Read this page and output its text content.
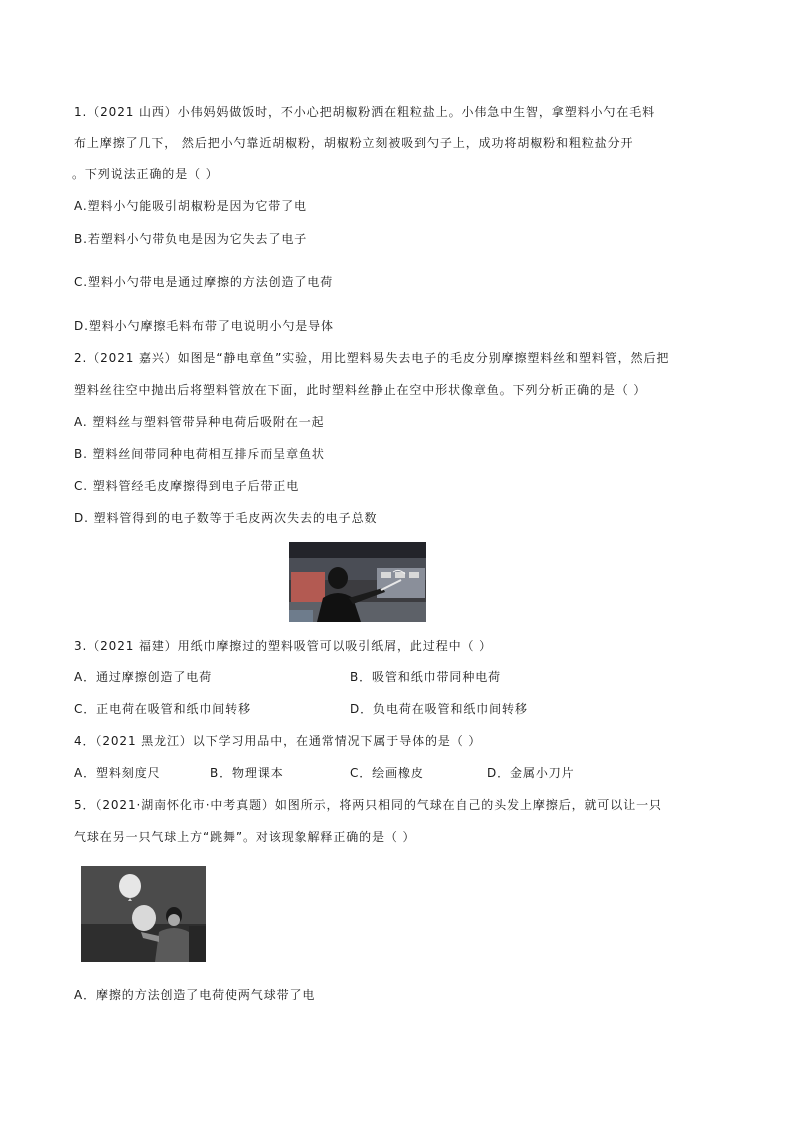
1.（2021 山西）小伟妈妈做饭时，不小心把胡椒粉洒在粗粒盐上。小伟急中生智，拿塑料小勺在毛料
布上摩擦了几下， 然后把小勺靠近胡椒粉，胡椒粉立刻被吸到勺子上，成功将胡椒粉和粗粒盐分开
。下列说法正确的是（ ）
A.塑料小勺能吸引胡椒粉是因为它带了电
B.若塑料小勺带负电是因为它失去了电子
C.塑料小勺带电是通过摩擦的方法创造了电荷
D.塑料小勺摩擦毛料布带了电说明小勺是导体
2.（2021 嘉兴）如图是“静电章鱼”实验，用比塑料易失去电子的毛皮分别摩擦塑料丝和塑料管，然后把
塑料丝往空中抛出后将塑料管放在下面，此时塑料丝静止在空中形状像章鱼。下列分析正确的是（ ）
A. 塑料丝与塑料管带异种电荷后吸附在一起
B. 塑料丝间带同种电荷相互排斥而呈章鱼状
C. 塑料管经毛皮摩擦得到电子后带正电
D. 塑料管得到的电子数等于毛皮两次失去的电子总数
3.（2021 福建）用纸巾摩擦过的塑料吸管可以吸引纸屑，此过程中（ ）
A．通过摩擦创造了电荷	B．吸管和纸巾带同种电荷
C．正电荷在吸管和纸巾间转移	D．负电荷在吸管和纸巾间转移
4．（2021 黑龙江）以下学习用品中，在通常情况下属于导体的是（ ）
A．塑料刻度尺	B．物理课本	C．绘画橡皮	D．金属小刀片
5．（2021·湖南怀化市·中考真题）如图所示，将两只相同的气球在自己的头发上摩擦后，就可以让一只
气球在另一只气球上方“跳舞”。对该现象解释正确的是（ ）
A．摩擦的方法创造了电荷使两气球带了电
